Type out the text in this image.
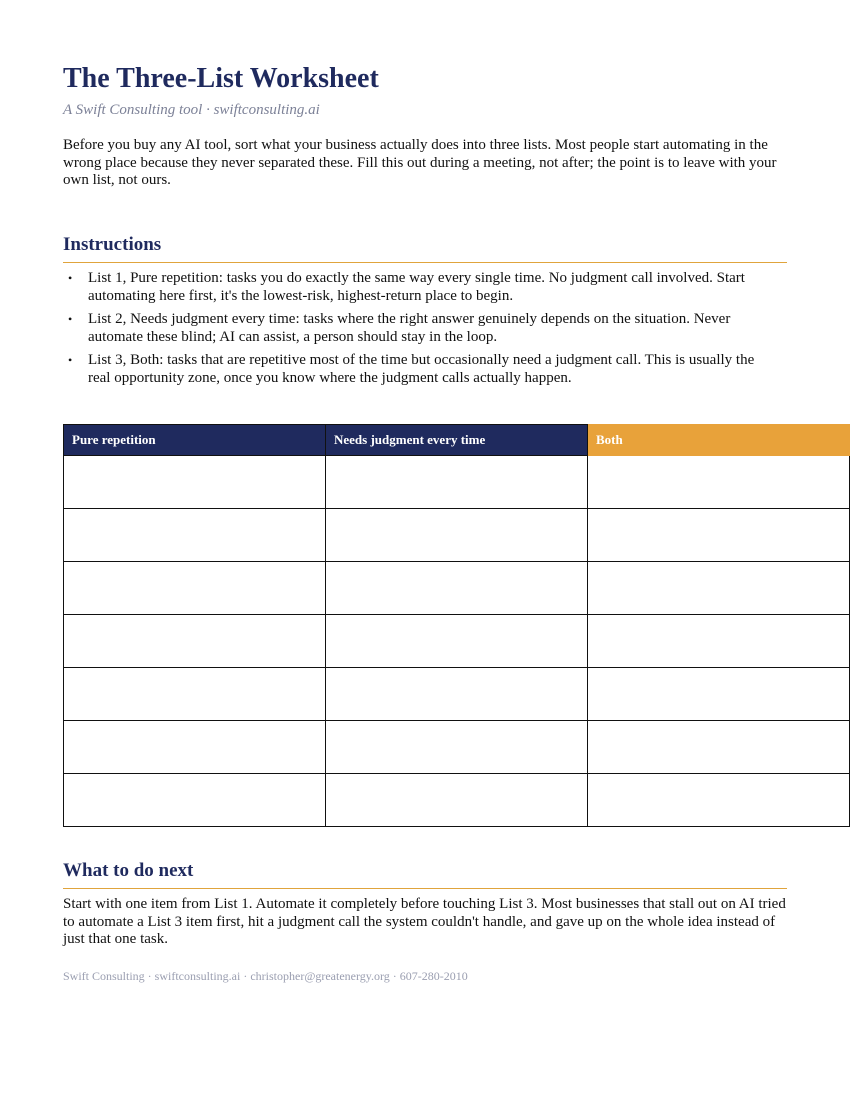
The Three-List Worksheet
A Swift Consulting tool · swiftconsulting.ai

Before you buy any AI tool, sort what your business actually does into three lists. Most people start automating in the wrong place because they never separated these. Fill this out during a meeting, not after; the point is to leave with your own list, not ours.

Instructions
• List 1, Pure repetition: tasks you do exactly the same way every single time. No judgment call involved. Start automating here first, it's the lowest-risk, highest-return place to begin.
• List 2, Needs judgment every time: tasks where the right answer genuinely depends on the situation. Never automate these blind; AI can assist, a person should stay in the loop.
• List 3, Both: tasks that are repetitive most of the time but occasionally need a judgment call. This is usually the real opportunity zone, once you know where the judgment calls actually happen.
Pure repetition	Needs judgment every time	Both

What to do next

Start with one item from List 1. Automate it completely before touching List 3. Most businesses that stall out on AI tried to automate a List 3 item first, hit a judgment call the system couldn't handle, and gave up on the whole idea instead of just that one task.

Swift Consulting · swiftconsulting.ai · christopher@greatenergy.org · 607-280-2010
